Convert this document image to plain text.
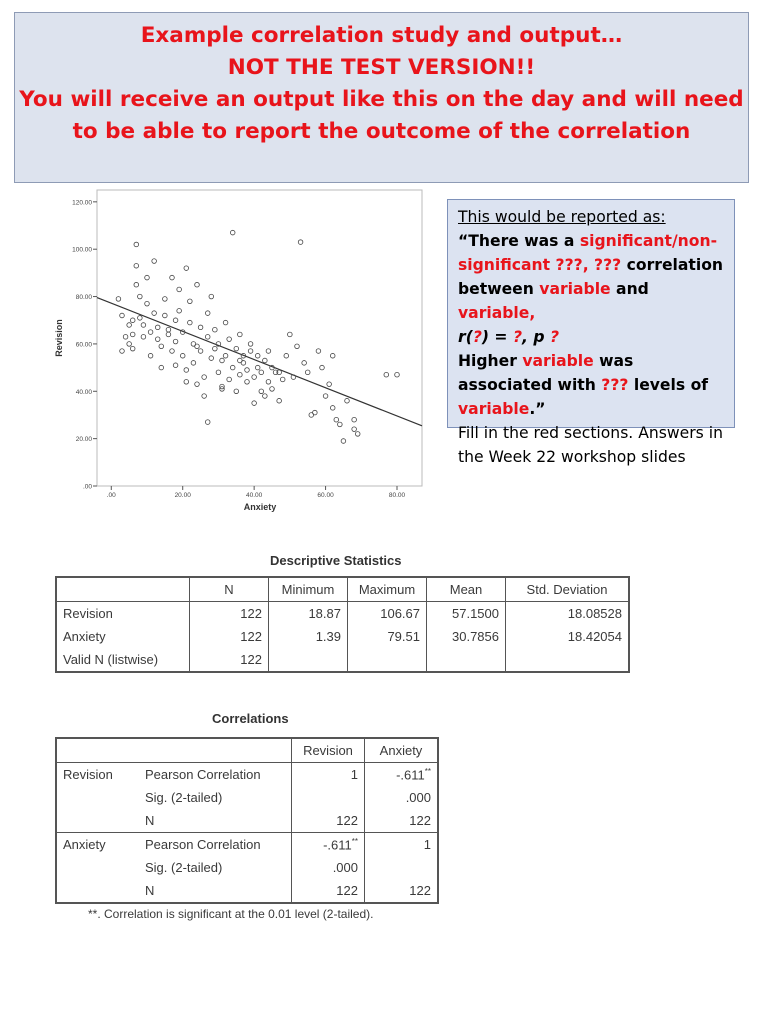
Example correlation study and output…
NOT THE TEST VERSION!!
You will receive an output like this on the day and will need
to be able to report the outcome of the correlation
.00
20.00
40.00
60.00
80.00
100.00
120.00
.00	20.00	40.00	60.00	80.00
Anxiety
Revision
This would be reported as:
“There was a significant/non-significant ???, ??? correlation between variable and variable,
r(?) = ?, p ?
Higher variable was associated with ??? levels of variable.”
Fill in the red sections. Answers in the Week 22 workshop slides
Descriptive Statistics
	N	Minimum	Maximum	Mean	Std. Deviation
Revision	122	18.87	106.67	57.1500	18.08528
Anxiety	122	1.39	79.51	30.7856	18.42054
Valid N (listwise)	122				
Correlations
		Revision	Anxiety
Revision	Pearson Correlation	1	-.611**
	Sig. (2-tailed)		.000
	N	122	122
Anxiety	Pearson Correlation	-.611**	1
	Sig. (2-tailed)	.000	
	N	122	122
**. Correlation is significant at the 0.01 level (2-tailed).
